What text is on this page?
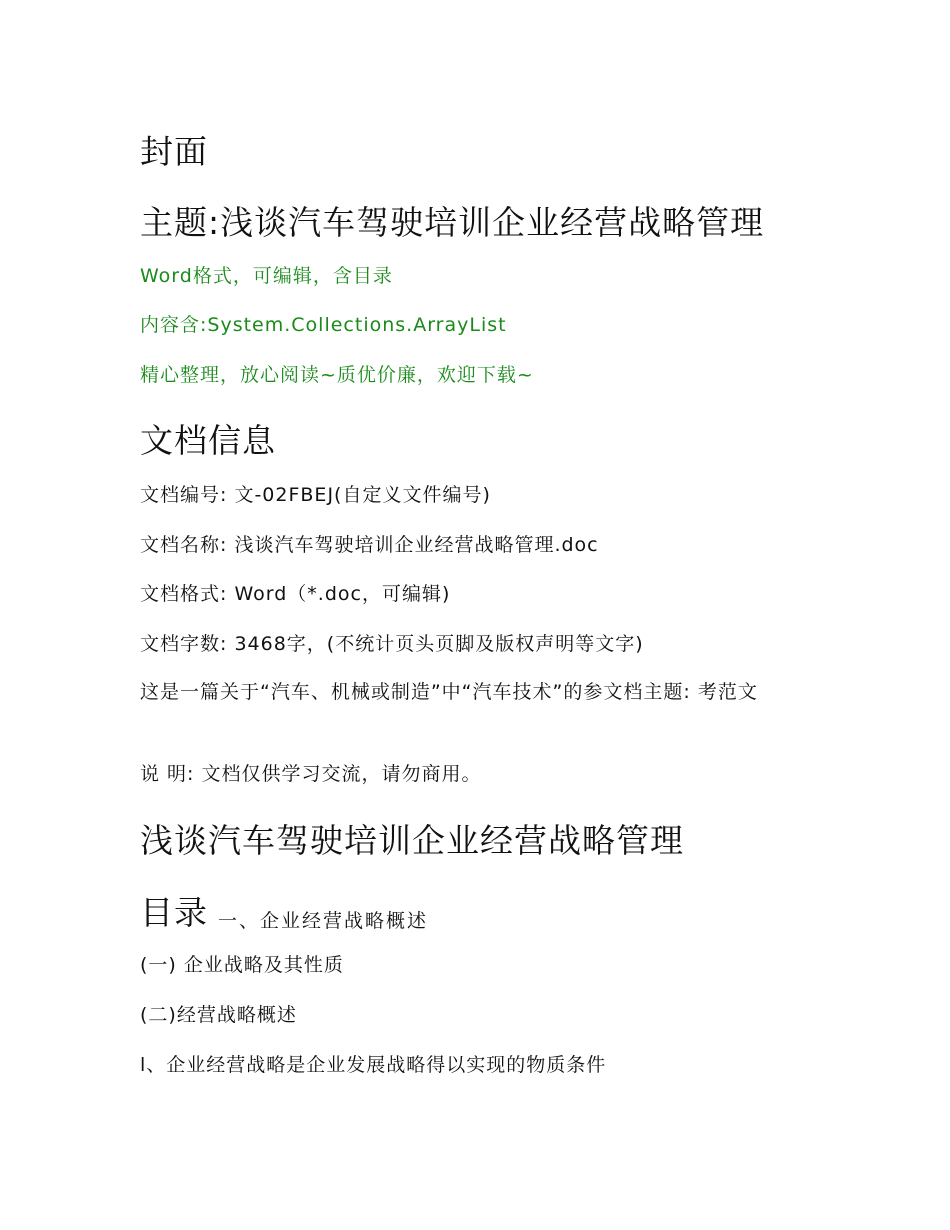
封面
主题:浅谈汽车驾驶培训企业经营战略管理
Word格式，可编辑，含目录
内容含:System.Collections.ArrayList
精心整理，放心阅读~质优价廉，欢迎下载~
文档信息
文档编号: 文-02FBEJ(自定义文件编号)
文档名称: 浅谈汽车驾驶培训企业经营战略管理.doc
文档格式: Word（*.doc，可编辑)
文档字数: 3468字，(不统计页头页脚及版权声明等文字)
这是一篇关于“汽车、机械或制造”中“汽车技术”的参文档主题: 考范文
说 明: 文档仅供学习交流，请勿商用。
浅谈汽车驾驶培训企业经营战略管理
目录 一、企业经营战略概述
(一) 企业战略及其性质
(二)经营战略概述
l、企业经营战略是企业发展战略得以实现的物质条件
